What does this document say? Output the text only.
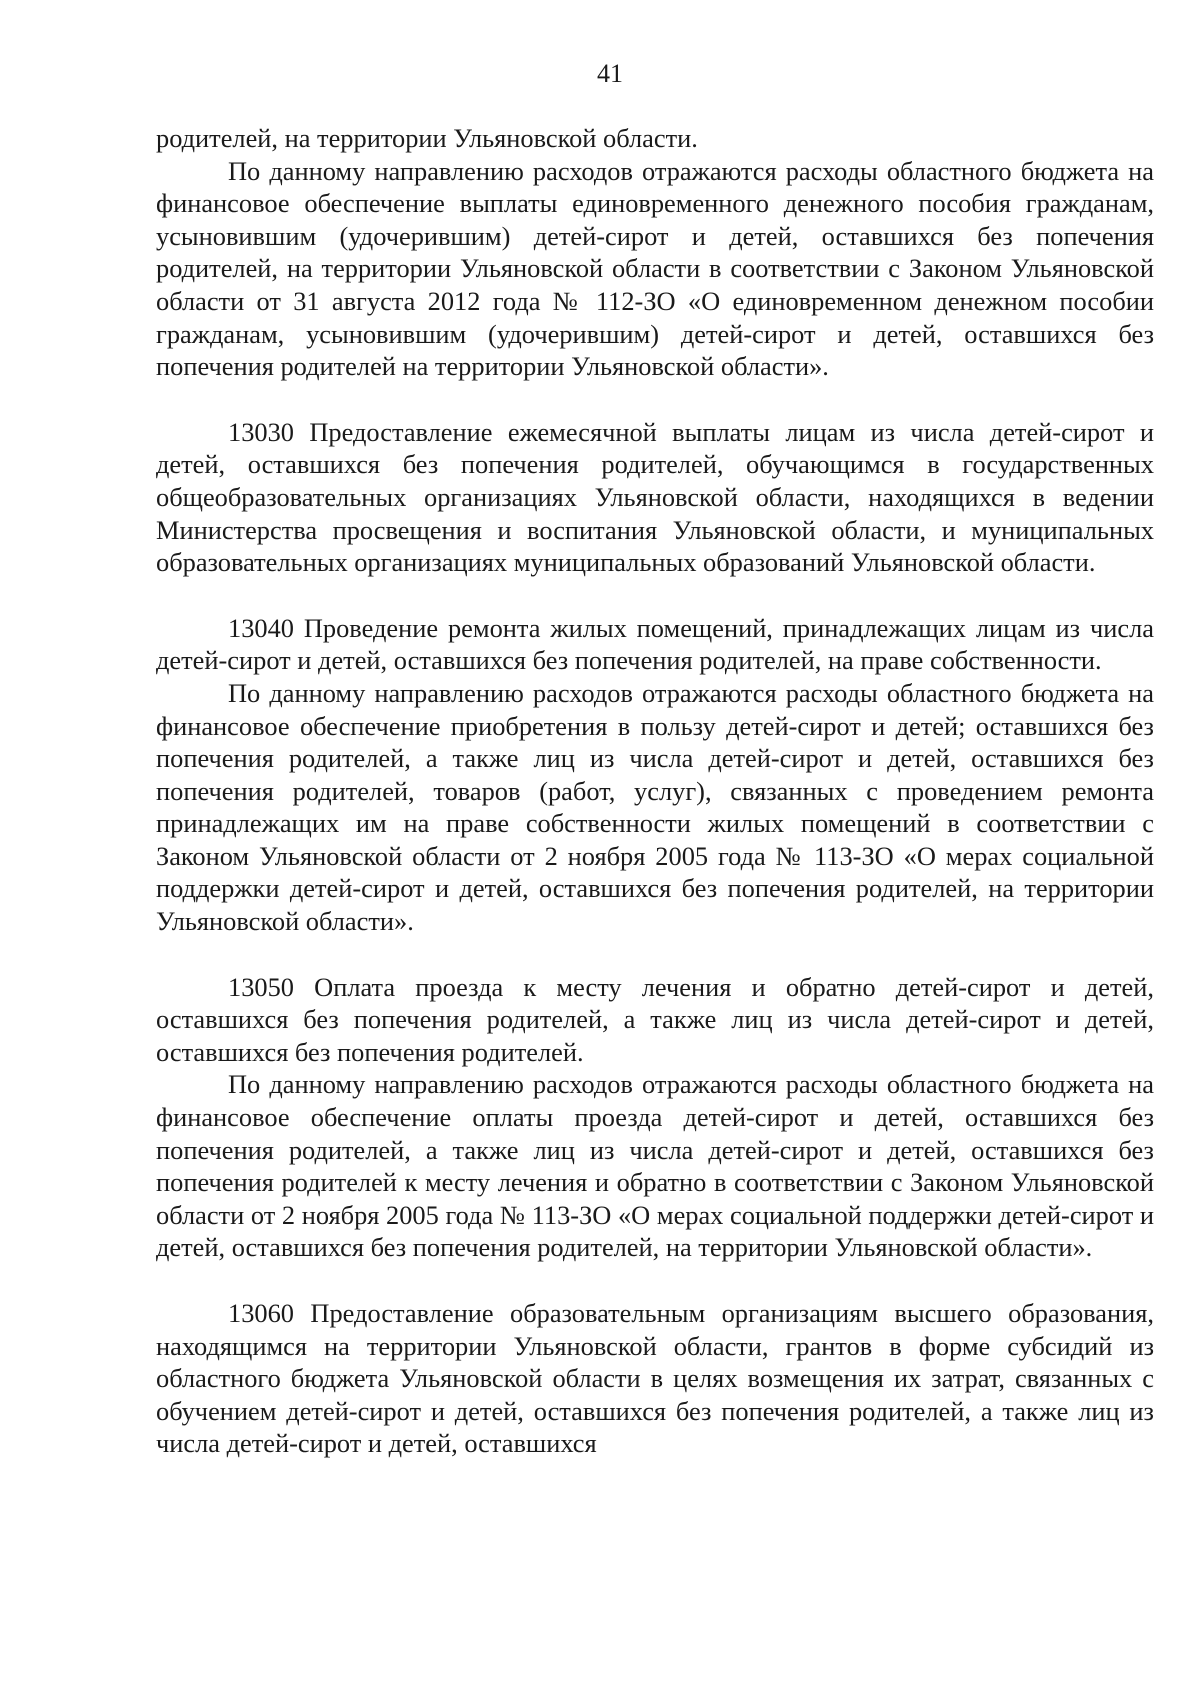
41

родителей, на территории Ульяновской области.

По данному направлению расходов отражаются расходы областного бюджета на финансовое обеспечение выплаты единовременного денежного пособия гражданам, усыновившим (удочерившим) детей-сирот и детей, оставшихся без попечения родителей, на территории Ульяновской области в соответствии с Законом Ульяновской области от 31 августа 2012 года № 112-ЗО «О единовременном денежном пособии гражданам, усыновившим (удочерившим) детей-сирот и детей, оставшихся без попечения родителей на территории Ульяновской области».

13030 Предоставление ежемесячной выплаты лицам из числа детей-сирот и детей, оставшихся без попечения родителей, обучающимся в государственных общеобразовательных организациях Ульяновской области, находящихся в ведении Министерства просвещения и воспитания Ульяновской области, и муниципальных образовательных организациях муниципальных образований Ульяновской области.

13040 Проведение ремонта жилых помещений, принадлежащих лицам из числа детей-сирот и детей, оставшихся без попечения родителей, на праве собственности.

По данному направлению расходов отражаются расходы областного бюджета на финансовое обеспечение приобретения в пользу детей-сирот и детей; оставшихся без попечения родителей, а также лиц из числа детей-сирот и детей, оставшихся без попечения родителей, товаров (работ, услуг), связанных с проведением ремонта принадлежащих им на праве собственности жилых помещений в соответствии с Законом Ульяновской области от 2 ноября 2005 года № 113-ЗО «О мерах социальной поддержки детей-сирот и детей, оставшихся без попечения родителей, на территории Ульяновской области».

13050 Оплата проезда к месту лечения и обратно детей-сирот и детей, оставшихся без попечения родителей, а также лиц из числа детей-сирот и детей, оставшихся без попечения родителей.

По данному направлению расходов отражаются расходы областного бюджета на финансовое обеспечение оплаты проезда детей-сирот и детей, оставшихся без попечения родителей, а также лиц из числа детей-сирот и детей, оставшихся без попечения родителей к месту лечения и обратно в соответствии с Законом Ульяновской области от 2 ноября 2005 года № 113-ЗО «О мерах социальной поддержки детей-сирот и детей, оставшихся без попечения родителей, на территории Ульяновской области».

13060 Предоставление образовательным организациям высшего образования, находящимся на территории Ульяновской области, грантов в форме субсидий из областного бюджета Ульяновской области в целях возмещения их затрат, связанных с обучением детей-сирот и детей, оставшихся без попечения родителей, а также лиц из числа детей-сирот и детей, оставшихся
